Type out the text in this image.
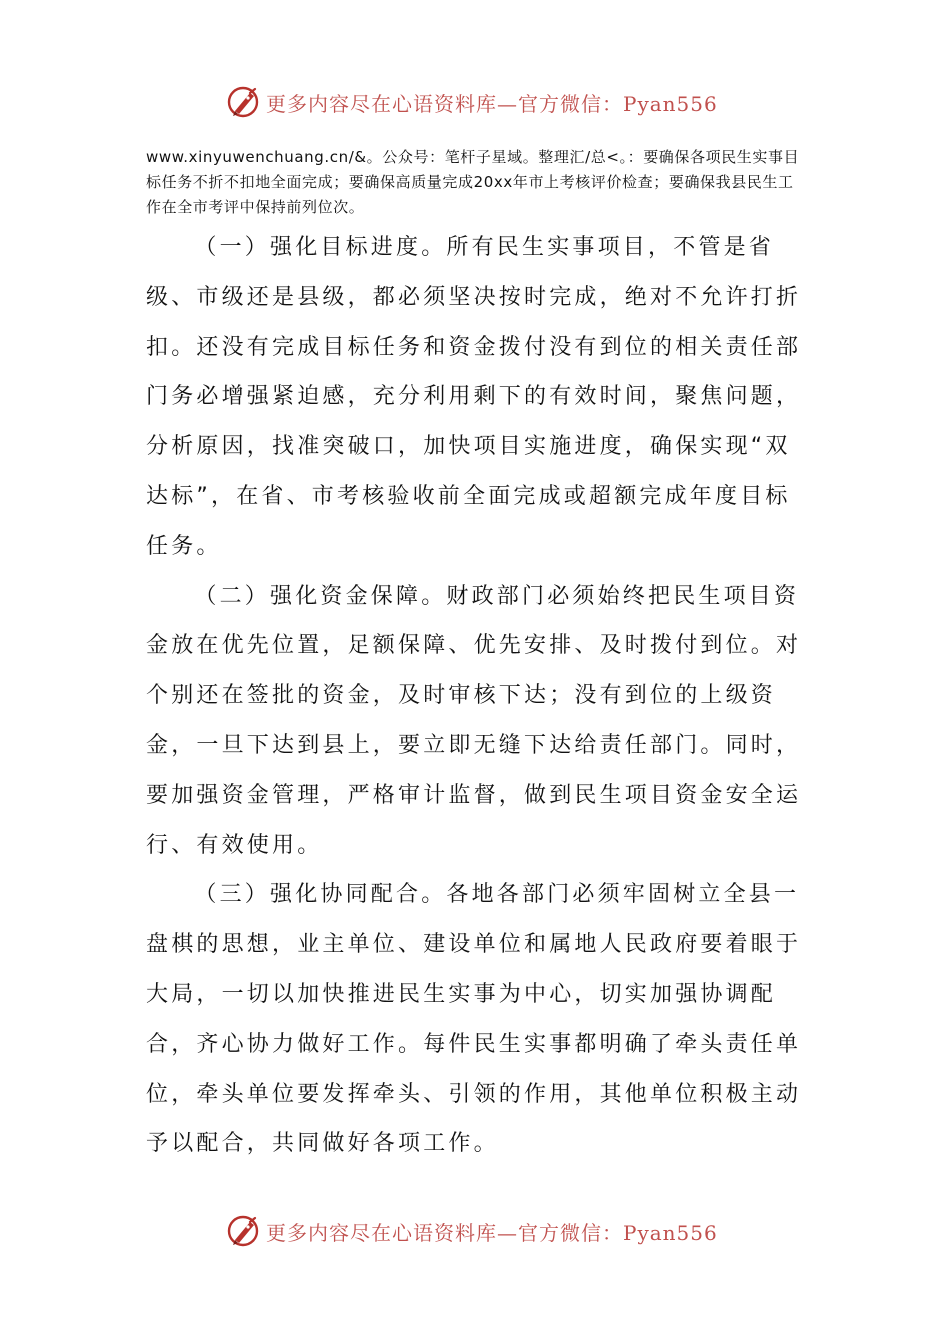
更多内容尽在心语资料库—官方微信：Pyan556
www.xinyuwenchuang.cn/&。公众号：笔杆子星域。整理汇/总<。：要确保各项民生实事目标任务不折不扣地全面完成；要确保高质量完成20xx年市上考核评价检查；要确保我县民生工作在全市考评中保持前列位次。

（一）强化目标进度。所有民生实事项目，不管是省级、市级还是县级，都必须坚决按时完成，绝对不允许打折扣。还没有完成目标任务和资金拨付没有到位的相关责任部门务必增强紧迫感，充分利用剩下的有效时间，聚焦问题，分析原因，找准突破口，加快项目实施进度，确保实现“双达标”，在省、市考核验收前全面完成或超额完成年度目标任务。

（二）强化资金保障。财政部门必须始终把民生项目资金放在优先位置，足额保障、优先安排、及时拨付到位。对个别还在签批的资金，及时审核下达；没有到位的上级资金，一旦下达到县上，要立即无缝下达给责任部门。同时，要加强资金管理，严格审计监督，做到民生项目资金安全运行、有效使用。

（三）强化协同配合。各地各部门必须牢固树立全县一盘棋的思想，业主单位、建设单位和属地人民政府要着眼于大局，一切以加快推进民生实事为中心，切实加强协调配合，齐心协力做好工作。每件民生实事都明确了牵头责任单位，牵头单位要发挥牵头、引领的作用，其他单位积极主动予以配合，共同做好各项工作。

更多内容尽在心语资料库—官方微信：Pyan556
